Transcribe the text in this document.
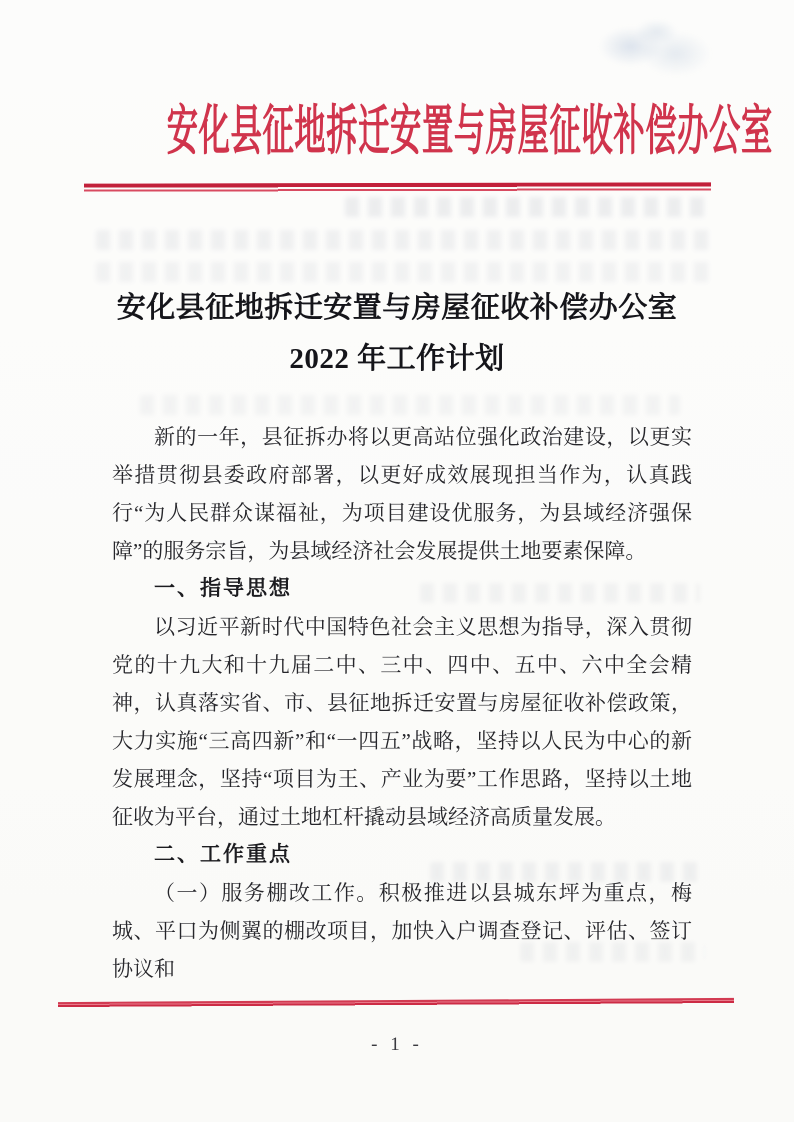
安化县征地拆迁安置与房屋征收补偿办公室
安化县征地拆迁安置与房屋征收补偿办公室
2022 年工作计划

新的一年，县征拆办将以更高站位强化政治建设，以更实举措贯彻县委政府部署，以更好成效展现担当作为，认真践行“为人民群众谋福祉，为项目建设优服务，为县域经济强保障”的服务宗旨，为县域经济社会发展提供土地要素保障。

一、指导思想

以习近平新时代中国特色社会主义思想为指导，深入贯彻党的十九大和十九届二中、三中、四中、五中、六中全会精神，认真落实省、市、县征地拆迁安置与房屋征收补偿政策，大力实施“三高四新”和“一四五”战略，坚持以人民为中心的新发展理念，坚持“项目为王、产业为要”工作思路，坚持以土地征收为平台，通过土地杠杆撬动县域经济高质量发展。

二、工作重点

（一）服务棚改工作。积极推进以县城东坪为重点，梅城、平口为侧翼的棚改项目，加快入户调查登记、评估、签订协议和

- 1 -
